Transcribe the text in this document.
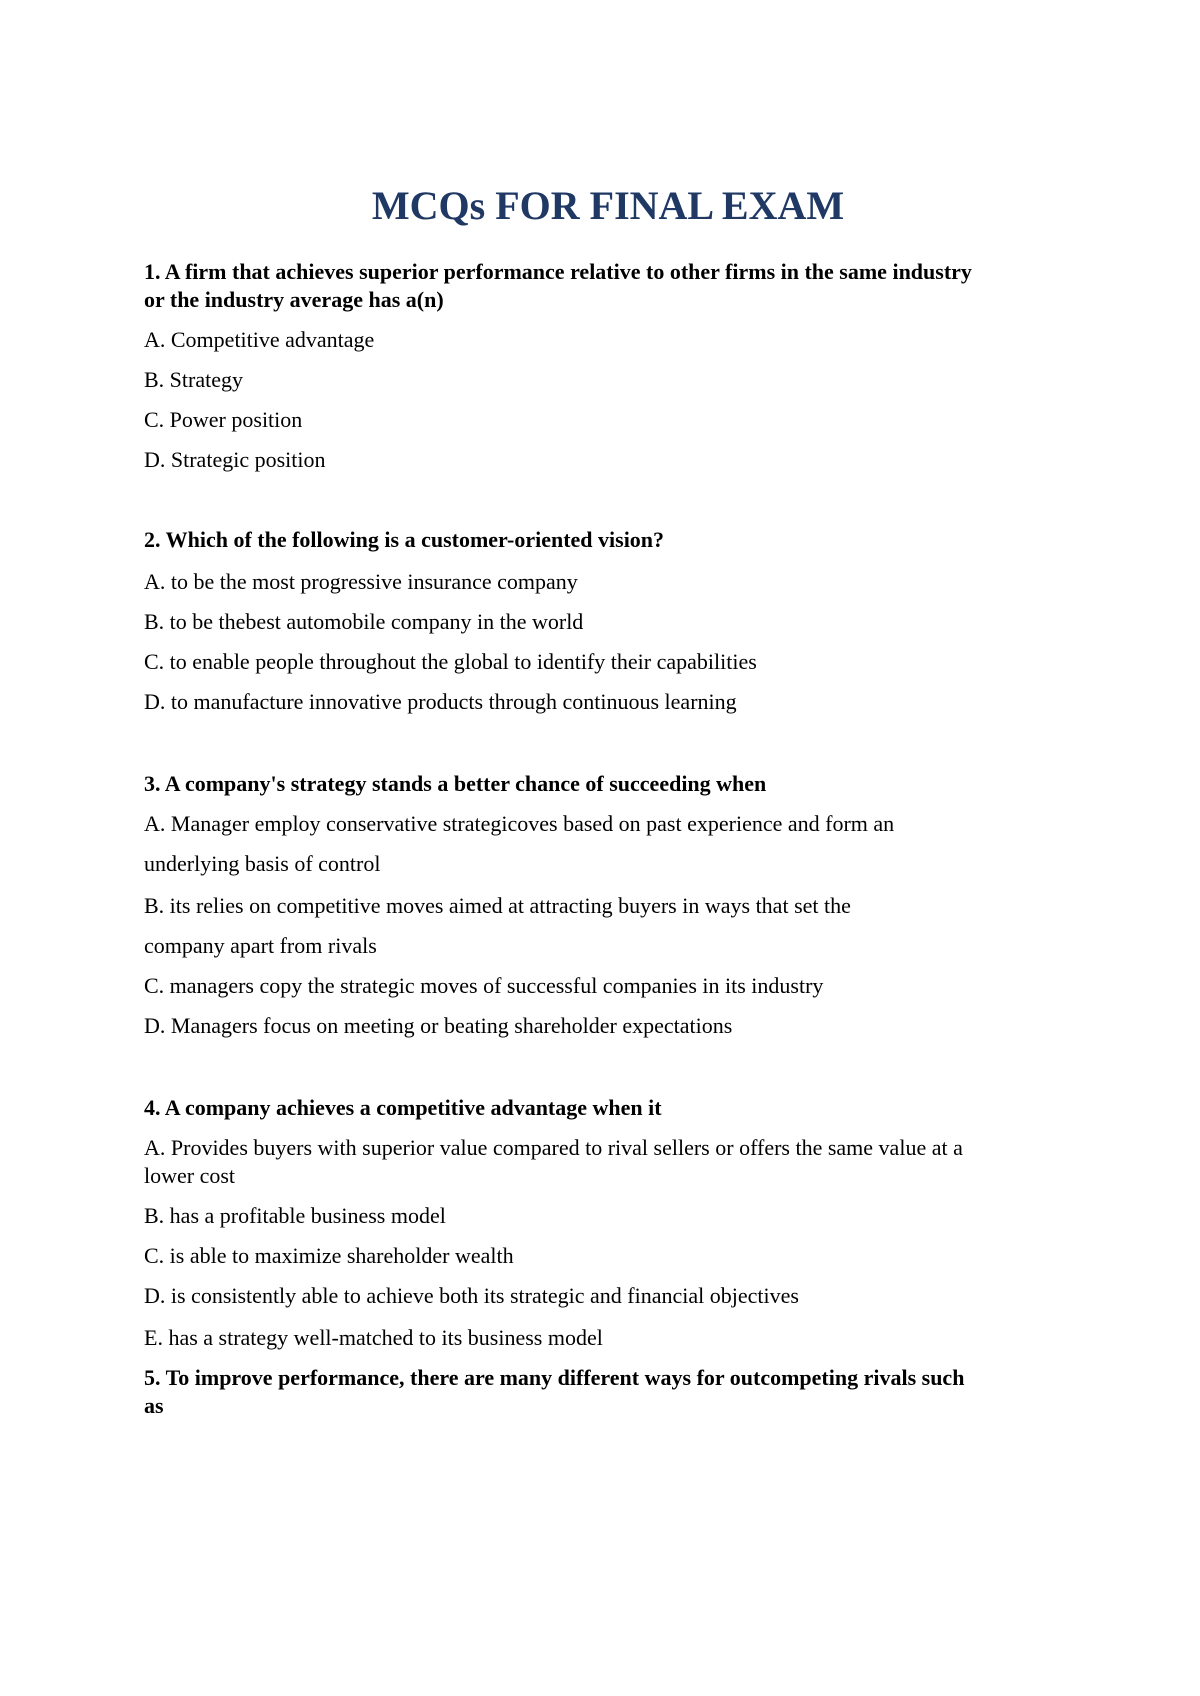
MCQs FOR FINAL EXAM
1. A firm that achieves superior performance relative to other firms in the same industry
or the industry average has a(n)
A. Competitive advantage
B. Strategy
C. Power position
D. Strategic position
2. Which of the following is a customer-oriented vision?
A. to be the most progressive insurance company
B. to be thebest automobile company in the world
C. to enable people throughout the global to identify their capabilities
D. to manufacture innovative products through continuous learning
3. A company's strategy stands a better chance of succeeding when
A. Manager employ conservative strategicoves based on past experience and form an
underlying basis of control
B. its relies on competitive moves aimed at attracting buyers in ways that set the
company apart from rivals
C. managers copy the strategic moves of successful companies in its industry
D. Managers focus on meeting or beating shareholder expectations
4. A company achieves a competitive advantage when it
A. Provides buyers with superior value compared to rival sellers or offers the same value at a
lower cost
B. has a profitable business model
C. is able to maximize shareholder wealth
D. is consistently able to achieve both its strategic and financial objectives
E. has a strategy well-matched to its business model
5. To improve performance, there are many different ways for outcompeting rivals such
as
